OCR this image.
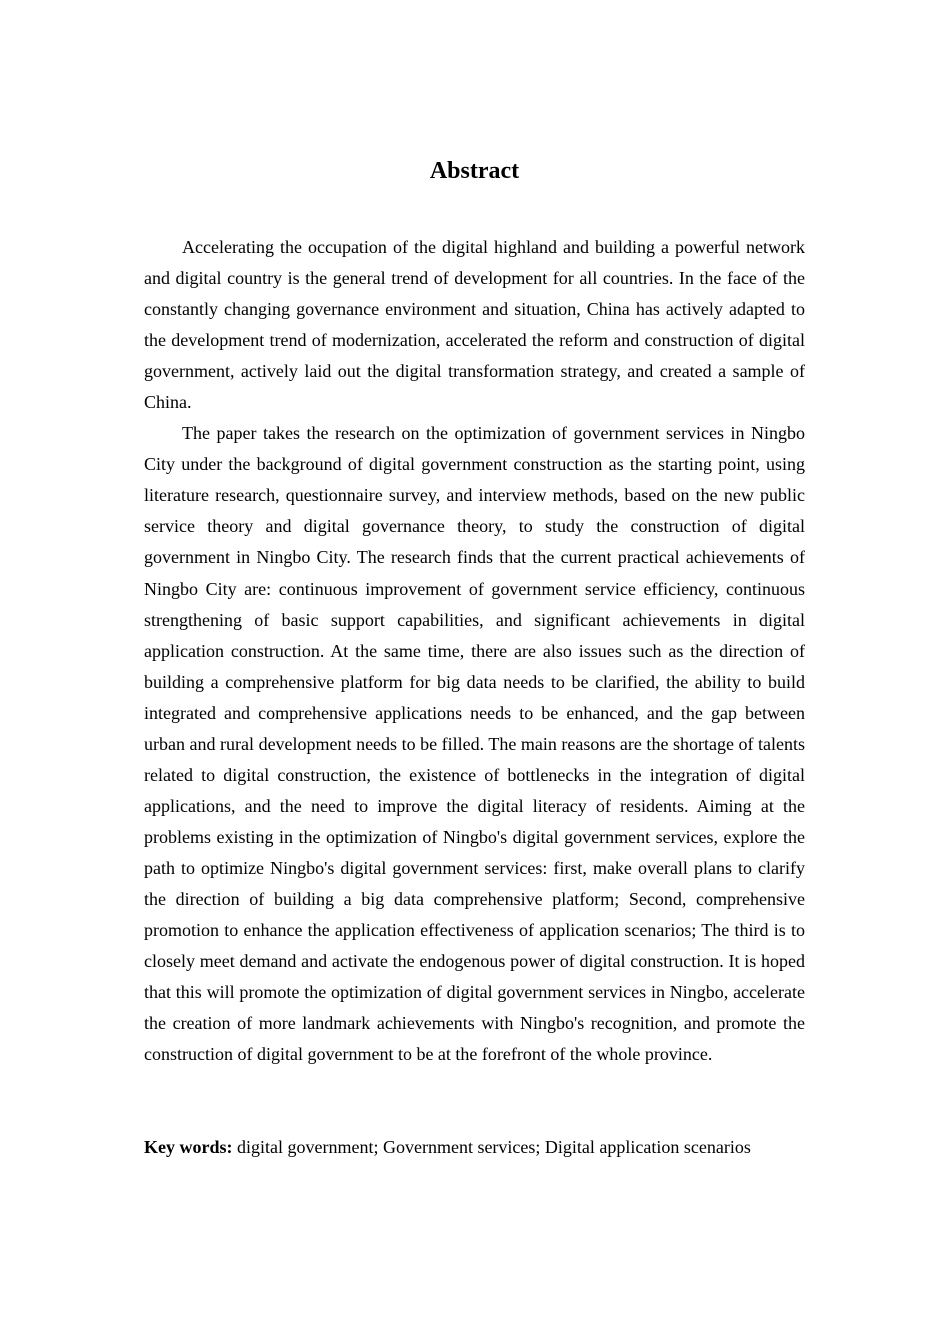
Abstract

Accelerating the occupation of the digital highland and building a powerful network and digital country is the general trend of development for all countries. In the face of the constantly changing governance environment and situation, China has actively adapted to the development trend of modernization, accelerated the reform and construction of digital government, actively laid out the digital transformation strategy, and created a sample of China.

The paper takes the research on the optimization of government services in Ningbo City under the background of digital government construction as the starting point, using literature research, questionnaire survey, and interview methods, based on the new public service theory and digital governance theory, to study the construction of digital government in Ningbo City. The research finds that the current practical achievements of Ningbo City are: continuous improvement of government service efficiency, continuous strengthening of basic support capabilities, and significant achievements in digital application construction. At the same time, there are also issues such as the direction of building a comprehensive platform for big data needs to be clarified, the ability to build integrated and comprehensive applications needs to be enhanced, and the gap between urban and rural development needs to be filled. The main reasons are the shortage of talents related to digital construction, the existence of bottlenecks in the integration of digital applications, and the need to improve the digital literacy of residents. Aiming at the problems existing in the optimization of Ningbo's digital government services, explore the path to optimize Ningbo's digital government services: first, make overall plans to clarify the direction of building a big data comprehensive platform; Second, comprehensive promotion to enhance the application effectiveness of application scenarios; The third is to closely meet demand and activate the endogenous power of digital construction. It is hoped that this will promote the optimization of digital government services in Ningbo, accelerate the creation of more landmark achievements with Ningbo's recognition, and promote the construction of digital government to be at the forefront of the whole province.

Key words: digital government; Government services; Digital application scenarios
